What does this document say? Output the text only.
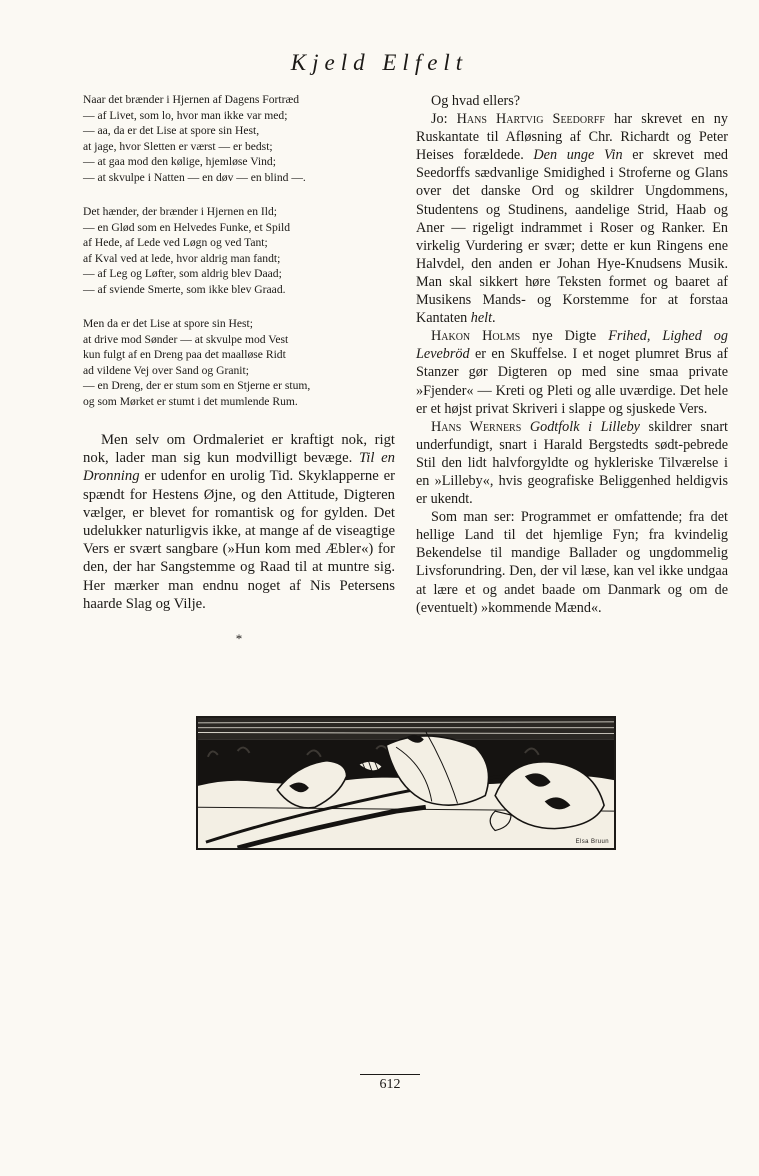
Kjeld Elfelt
Naar det brænder i Hjernen af Dagens Fortræd
— af Livet, som lo, hvor man ikke var med;
— aa, da er det Lise at spore sin Hest,
at jage, hvor Sletten er værst — er bedst;
— at gaa mod den kølige, hjemløse Vind;
— at skvulpe i Natten — en døv — en blind —.
Det hænder, der brænder i Hjernen en Ild;
— en Glød som en Helvedes Funke, et Spild
af Hede, af Lede ved Løgn og ved Tant;
af Kval ved at lede, hvor aldrig man fandt;
— af Leg og Løfter, som aldrig blev Daad;
— af sviende Smerte, som ikke blev Graad.
Men da er det Lise at spore sin Hest;
at drive mod Sønder — at skvulpe mod Vest
kun fulgt af en Dreng paa det maalløse Ridt
ad vildene Vej over Sand og Granit;
— en Dreng, der er stum som en Stjerne er stum,
og som Mørket er stumt i det mumlende Rum.
Men selv om Ordmaleriet er kraftigt nok, rigt nok, lader man sig kun modvilligt bevæge. Til en Dronning er udenfor en urolig Tid. Skyklapperne er spændt for Hestens Øjne, og den Attitude, Digteren vælger, er blevet for romantisk og for gylden. Det udelukker naturligvis ikke, at mange af de viseagtige Vers er svært sangbare (»Hun kom med Æbler«) for den, der har Sangstemme og Raad til at muntre sig. Her mærker man endnu noget af Nis Petersens haarde Slag og Vilje.
*

Og hvad ellers?

Jo: Hans Hartvig Seedorff har skrevet en ny Ruskantate til Afløsning af Chr. Richardt og Peter Heises forældede. Den unge Vin er skrevet med Seedorffs sædvanlige Smidighed i Stroferne og Glans over det danske Ord og skildrer Ungdommens, Studentens og Studinens, aandelige Strid, Haab og Aner — rigeligt indrammet i Roser og Ranker. En virkelig Vurdering er svær; dette er kun Ringens ene Halvdel, den anden er Johan Hye-Knudsens Musik. Man skal sikkert høre Teksten formet og baaret af Musikens Mands- og Korstemme for at forstaa Kantaten helt.

Hakon Holms nye Digte Frihed, Lighed og Levebröd er en Skuffelse. I et noget plumret Brus af Stanzer gør Digteren op med sine smaa private »Fjender« — Kreti og Pleti og alle uværdige. Det hele er et højst privat Skriveri i slappe og sjuskede Vers.

Hans Werners Godtfolk i Lilleby skildrer snart underfundigt, snart i Harald Bergstedts sødt-pebrede Stil den lidt halvforgyldte og hykleriske Tilværelse i en »Lilleby«, hvis geografiske Beliggenhed heldigvis er ukendt.

Som man ser: Programmet er omfattende; fra det hellige Land til det hjemlige Fyn; fra kvindelig Bekendelse til mandige Ballader og ungdommelig Livsforundring. Den, der vil læse, kan vel ikke undgaa at lære et og andet baade om Danmark og om de (eventuelt) »kommende Mænd«.

Elsa Bruun
612
